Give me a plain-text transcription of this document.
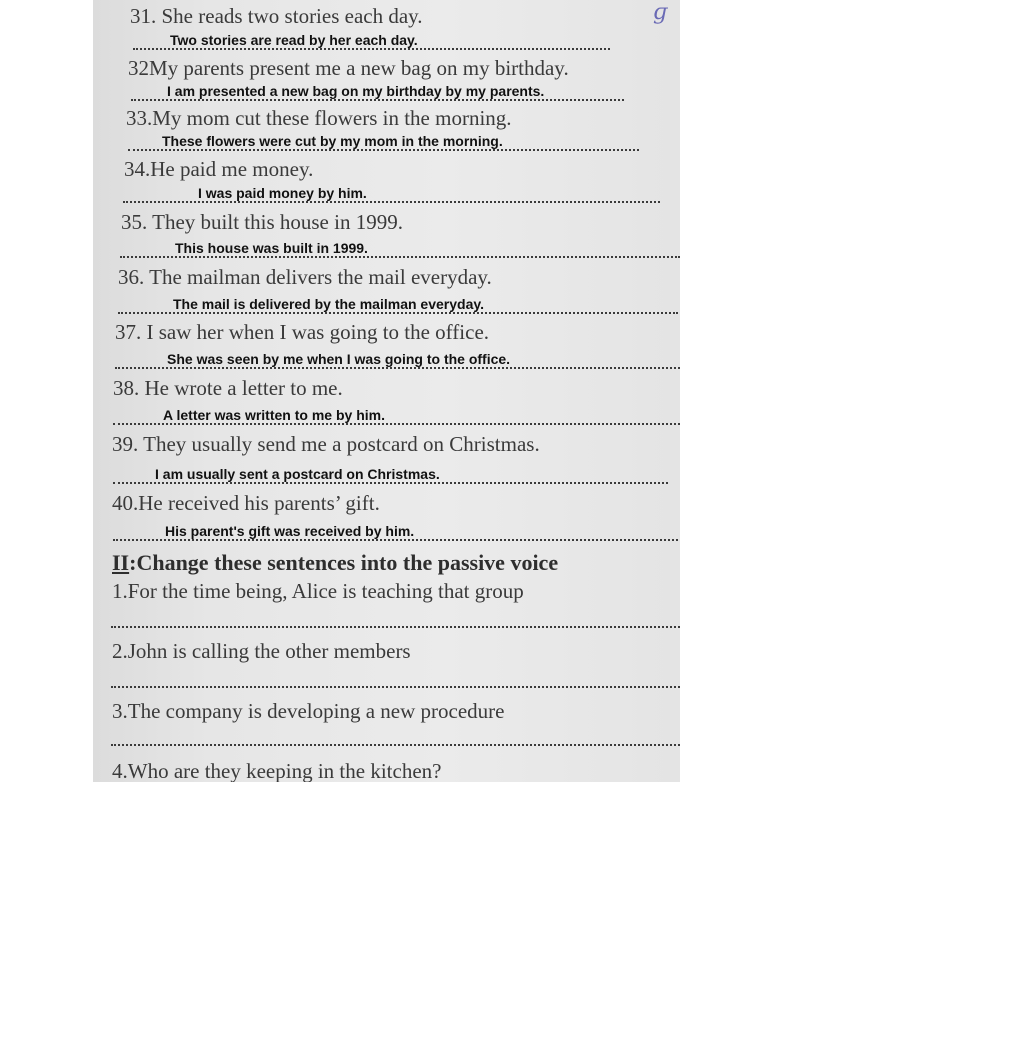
ɡ
31. She reads two stories each day.
Two stories are read by her each day.
32My parents present me a new bag on my birthday.
I am presented a new bag on my birthday by my parents.
33.My mom cut these flowers in the morning.
These flowers were cut by my mom in the morning.
34.He paid me money.
I was paid money by him.
35. They built this house in 1999.
This house was built in 1999.
36. The mailman delivers the mail everyday.
The mail is delivered by the mailman everyday.
37. I saw her when I was going to the office.
She was seen by me when I was going to the office.
38. He wrote a letter to me.
A letter was written to me by him.
39. They usually send me a postcard on Christmas.
I am usually sent a postcard on Christmas.
40.He received his parents’ gift.
His parent's gift was received by him.
II:Change these sentences into the passive voice
1.For the time being, Alice is teaching that group
2.John is calling the other members
3.The company is developing a new procedure
4.Who are they keeping in the kitchen?
